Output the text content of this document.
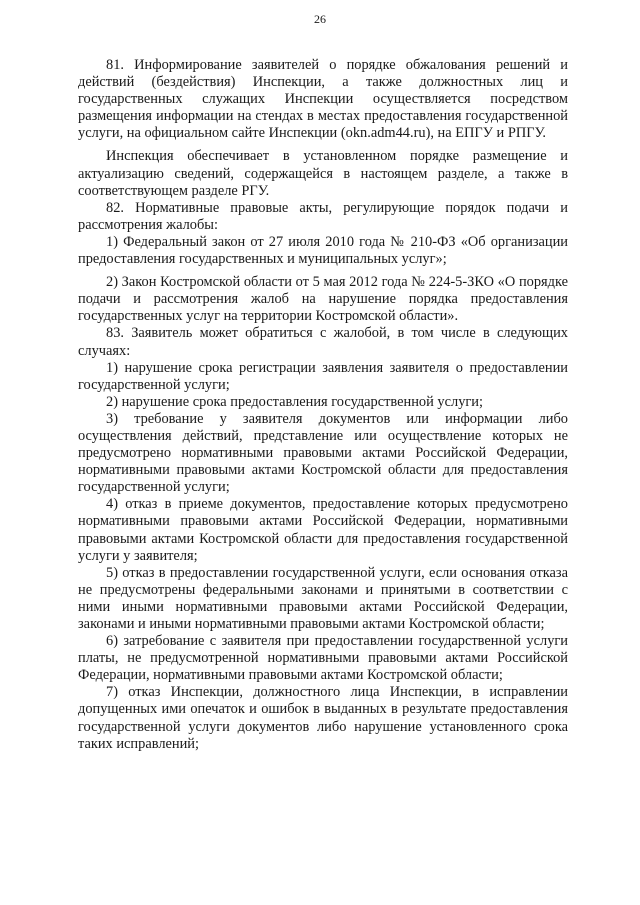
26

81. Информирование заявителей о порядке обжалования решений и действий (бездействия) Инспекции, а также должностных лиц и государственных служащих Инспекции осуществляется посредством размещения информации на стендах в местах предоставления государственной услуги, на официальном сайте Инспекции (okn.adm44.ru), на ЕПГУ и РПГУ.

Инспекция обеспечивает в установленном порядке размещение и актуализацию сведений, содержащейся в настоящем разделе, а также в соответствующем разделе РГУ.

82. Нормативные правовые акты, регулирующие порядок подачи и рассмотрения жалобы:

1) Федеральный закон от 27 июля 2010 года № 210-ФЗ «Об организации предоставления государственных и муниципальных услуг»;

2) Закон Костромской области от 5 мая 2012 года № 224-5-ЗКО «О порядке подачи и рассмотрения жалоб на нарушение порядка предоставления государственных услуг на территории Костромской области».

83. Заявитель может обратиться с жалобой, в том числе в следующих случаях:

1) нарушение срока регистрации заявления заявителя о предоставлении государственной услуги;

2) нарушение срока предоставления государственной услуги;

3) требование у заявителя документов или информации либо осуществления действий, представление или осуществление которых не предусмотрено нормативными правовыми актами Российской Федерации, нормативными правовыми актами Костромской области для предоставления государственной услуги;

4) отказ в приеме документов, предоставление которых предусмотрено нормативными правовыми актами Российской Федерации, нормативными правовыми актами Костромской области для предоставления государственной услуги у заявителя;

5) отказ в предоставлении государственной услуги, если основания отказа не предусмотрены федеральными законами и принятыми в соответствии с ними иными нормативными правовыми актами Российской Федерации, законами и иными нормативными правовыми актами Костромской области;

6) затребование с заявителя при предоставлении государственной услуги платы, не предусмотренной нормативными правовыми актами Российской Федерации, нормативными правовыми актами Костромской области;

7) отказ Инспекции, должностного лица Инспекции, в исправлении допущенных ими опечаток и ошибок в выданных в результате предоставления государственной услуги документов либо нарушение установленного срока таких исправлений;
